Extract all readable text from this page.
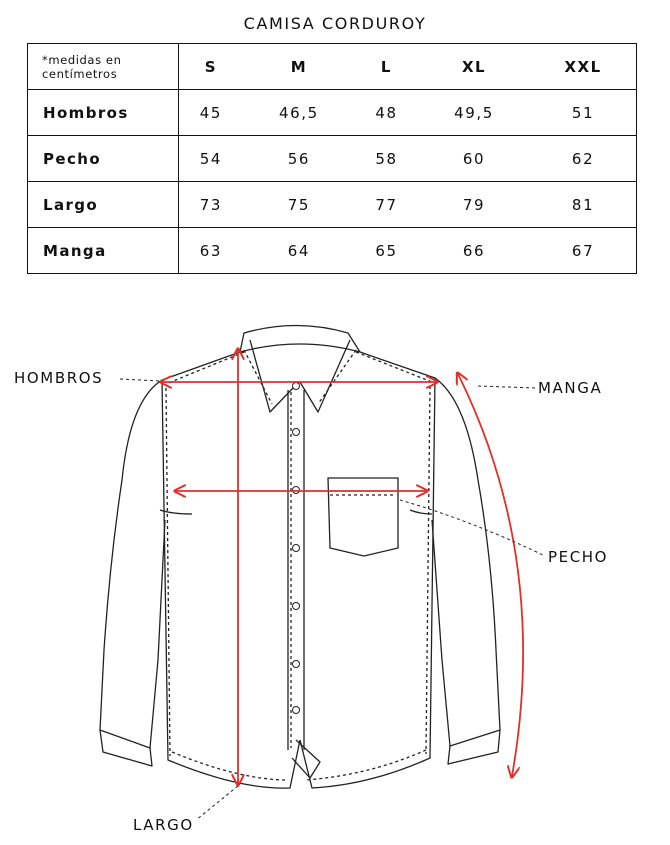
CAMISA CORDUROY
*medidas en
centímetros	S	M	L	XL	XXL
Hombros	45	46,5	48	49,5	51
Pecho	54	56	58	60	62
Largo	73	75	77	79	81
Manga	63	64	65	66	67
HOMBROS
MANGA
PECHO
LARGO
